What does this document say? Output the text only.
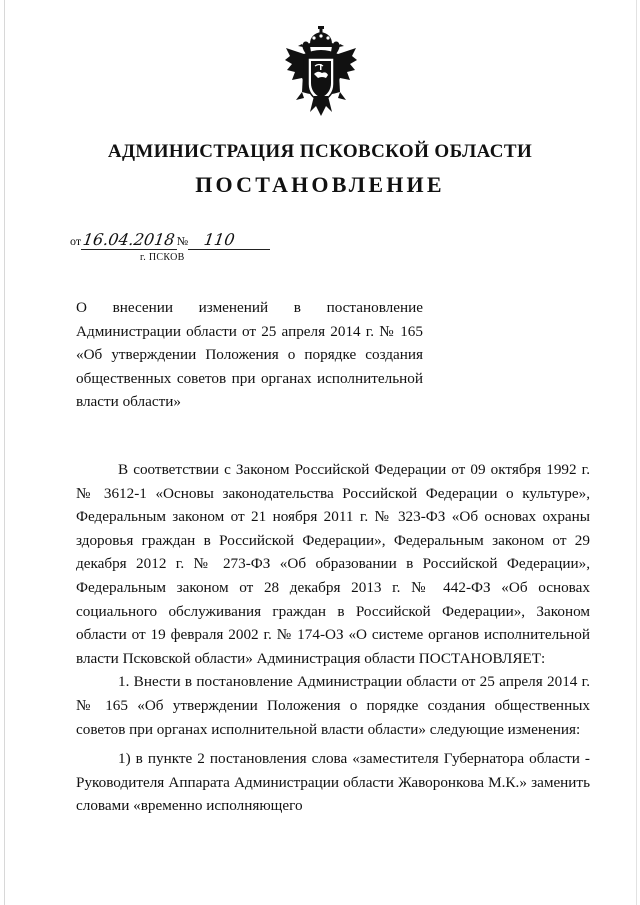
АДМИНИСТРАЦИЯ ПСКОВСКОЙ ОБЛАСТИ
ПОСТАНОВЛЕНИЕ
от16.04.2018№ 110
г. ПСКОВ
О внесении изменений в постановление Администрации области от 25 апреля 2014 г. № 165 «Об утверждении Положения о порядке создания общественных советов при органах исполнительной власти области»

В соответствии с Законом Российской Федерации от 09 октября 1992 г. № 3612-1 «Основы законодательства Российской Федерации о культуре», Федеральным законом от 21 ноября 2011 г. № 323-ФЗ «Об основах охраны здоровья граждан в Российской Федерации», Федеральным законом от 29 декабря 2012 г. № 273-ФЗ «Об образовании в Российской Федерации», Федеральным законом от 28 декабря 2013 г. № 442-ФЗ «Об основах социального обслуживания граждан в Российской Федерации», Законом области от 19 февраля 2002 г. № 174-ОЗ «О системе органов исполнительной власти Псковской области» Администрация области ПОСТАНОВЛЯЕТ:

1. Внести в постановление Администрации области от 25 апреля 2014 г. № 165 «Об утверждении Положения о порядке создания общественных советов при органах исполнительной власти области» следующие изменения:

1) в пункте 2 постановления слова «заместителя Губернатора области - Руководителя Аппарата Администрации области Жаворонкова М.К.» заменить словами «временно исполняющего
